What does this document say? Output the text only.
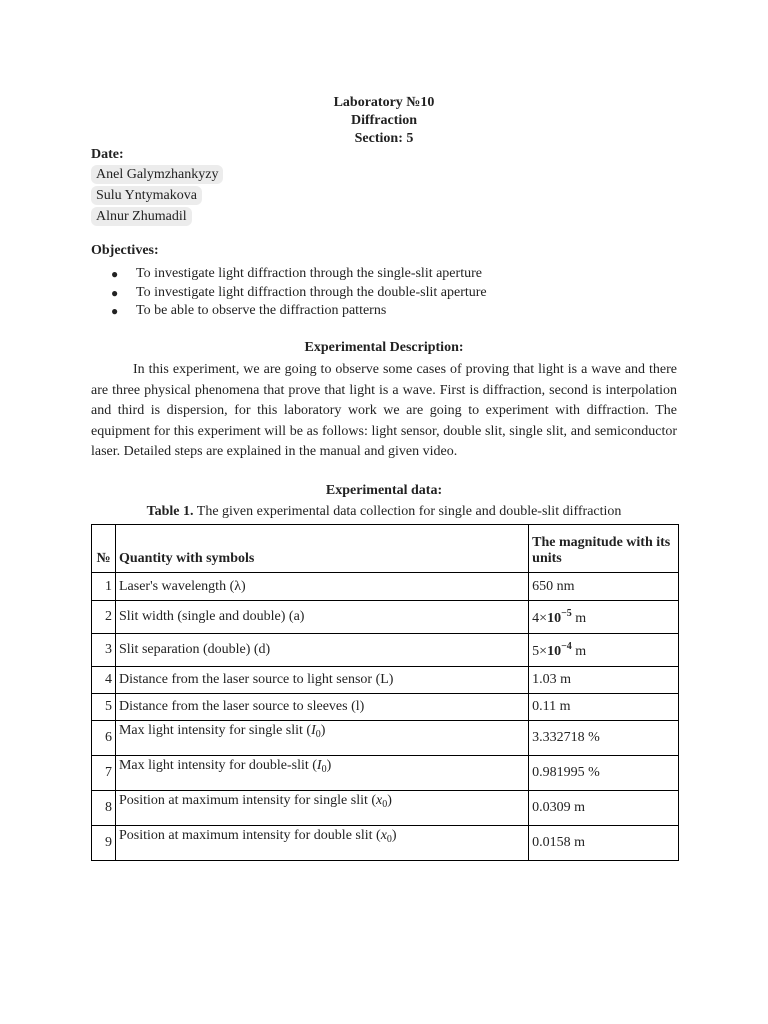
Laboratory №10
Diffraction
Section: 5
Date:
Anel Galymzhankyzy
Sulu Yntymakova
Alnur Zhumadil
Objectives:
● To investigate light diffraction through the single-slit aperture
● To investigate light diffraction through the double-slit aperture
● To be able to observe the diffraction patterns
Experimental Description:

In this experiment, we are going to observe some cases of proving that light is a wave and there are three physical phenomena that prove that light is a wave. First is diffraction, second is interpolation and third is dispersion, for this laboratory work we are going to experiment with diffraction. The equipment for this experiment will be as follows: light sensor, double slit, single slit, and semiconductor laser. Detailed steps are explained in the manual and given video.

Experimental data:
Table 1. The given experimental data collection for single and double-slit diffraction
№	Quantity with symbols	The magnitude with its units
1	Laser's wavelength (λ)	650 nm
2	Slit width (single and double) (a)	$4\times 10^{-5}$ m
3	Slit separation (double) (d)	$5\times 10^{-4}$ m
4	Distance from the laser source to light sensor (L)	1.03 m
5	Distance from the laser source to sleeves (l)	0.11 m
6	Max light intensity for single slit $(I_0)$	3.332718 %
7	Max light intensity for double-slit $(I_0)$	0.981995 %
8	Position at maximum intensity for single slit $(x_0)$	0.0309 m
9	Position at maximum intensity for double slit $(x_0)$	0.0158 m
